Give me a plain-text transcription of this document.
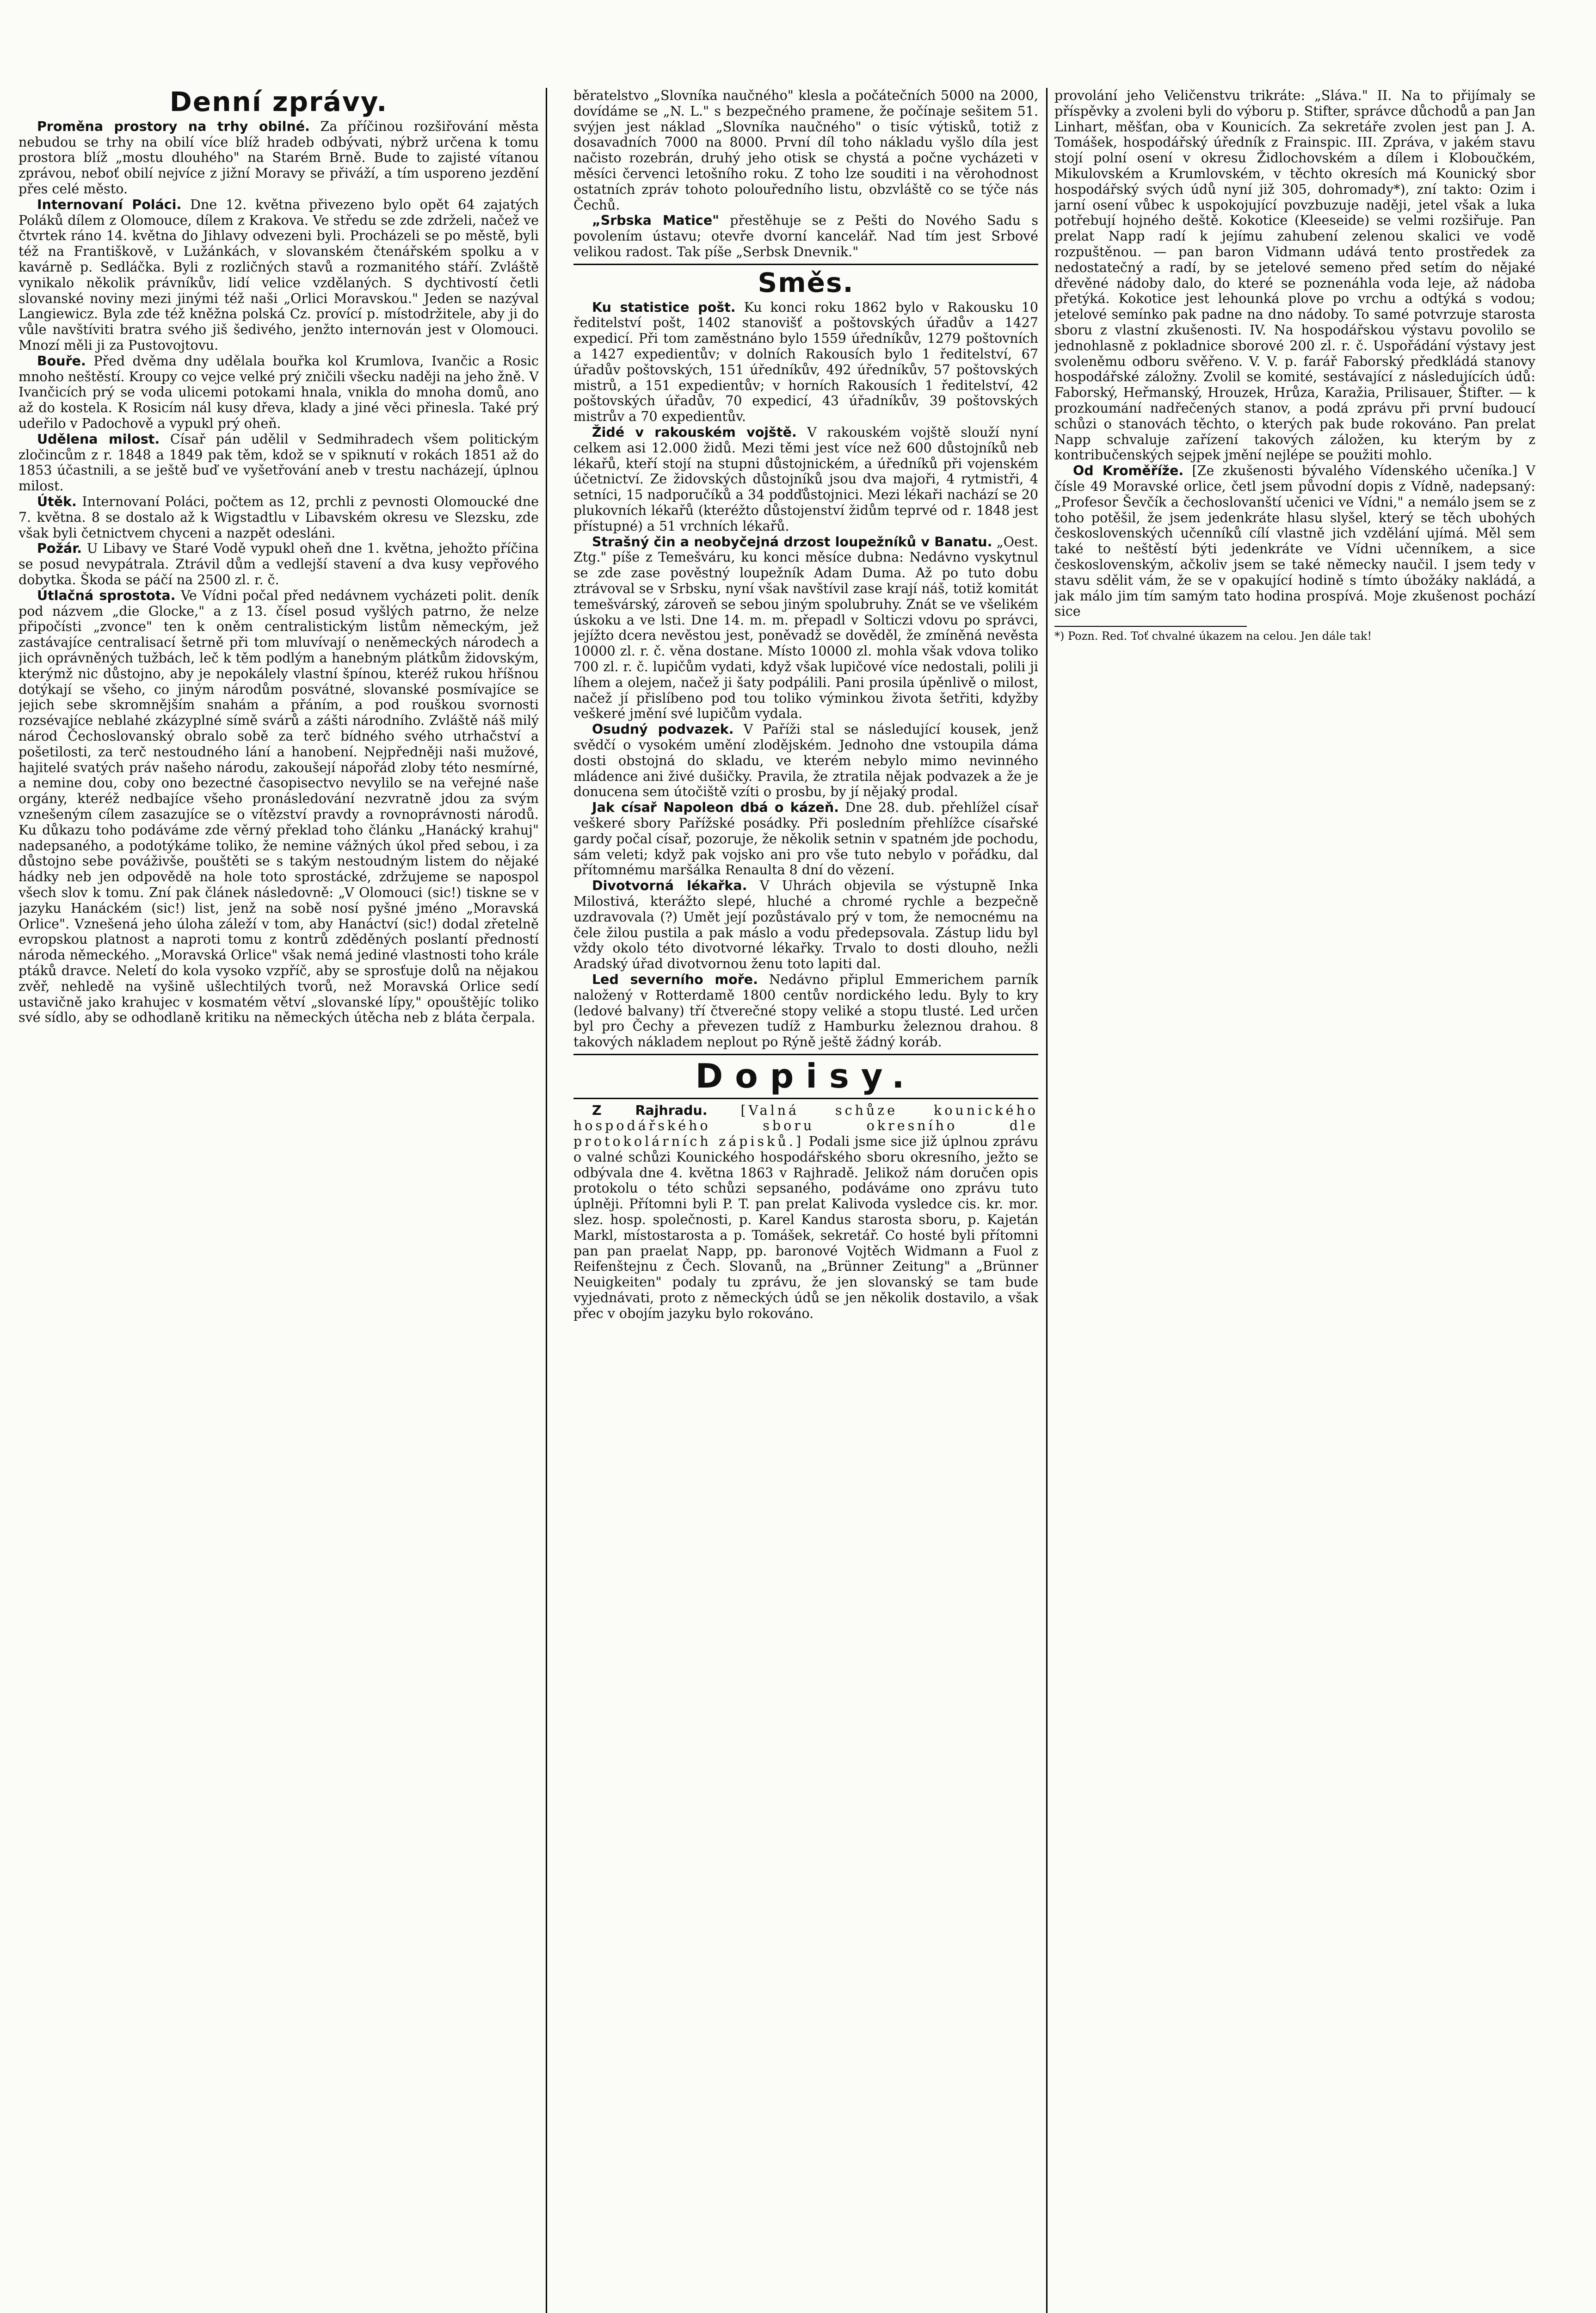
Denní zprávy.

Proměna prostory na trhy obilné. Za příčinou rozšiřování města nebudou se trhy na obilí více blíž hradeb odbývati, nýbrž určena k tomu prostora blíž „mostu dlouhého" na Starém Brně. Bude to zajisté vítanou zprávou, neboť obilí nejvíce z jižní Moravy se přiváží, a tím usporeno jezdění přes celé město.

Internovaní Poláci. Dne 12. května přivezeno bylo opět 64 zajatých Poláků dílem z Olomouce, dílem z Krakova. Ve středu se zde zdrželi, načež ve čtvrtek ráno 14. května do Jihlavy odvezeni byli. Procházeli se po městě, byli též na Františkově, v Lužánkách, v slovanském čtenářském spolku a v kavárně p. Sedláčka. Byli z rozličných stavů a rozmanitého stáří. Zvláště vynikalo několik právníkův, lidí velice vzdělaných. S dychtivostí četli slovanské noviny mezi jinými též naši „Orlici Moravskou." Jeden se nazýval Langiewicz. Byla zde též kněžna polská Cz. provící p. místodržitele, aby ji do vůle navštíviti bratra svého jiš šedivého, jenžto internován jest v Olomouci. Mnozí měli ji za Pustovojtovu.

Bouře. Před dvěma dny udělala bouřka kol Krumlova, Ivančic a Rosic mnoho neštěstí. Kroupy co vejce velké prý zničili všecku naději na jeho žně. V Ivančicích prý se voda ulicemi potokami hnala, vnikla do mnoha domů, ano až do kostela. K Rosicím nál kusy dřeva, klady a jiné věci přinesla. Také prý udeřilo v Padochově a vypukl prý oheň.

Udělena milost. Císař pán udělil v Sedmihradech všem politickým zločincům z r. 1848 a 1849 pak těm, kdož se v spiknutí v rokách 1851 až do 1853 účastnili, a se ještě buď ve vyšetřování aneb v trestu nacházejí, úplnou milost.

Útěk. Internovaní Poláci, počtem as 12, prchli z pevnosti Olomoucké dne 7. května. 8 se dostalo až k Wigstadtlu v Libavském okresu ve Slezsku, zde však byli četnictvem chyceni a nazpět odesláni.

Požár. U Libavy ve Staré Vodě vypukl oheň dne 1. května, jehožto příčina se posud nevypátrala. Ztrávil dům a vedlejší stavení a dva kusy vepřového dobytka. Škoda se páčí na 2500 zl. r. č.

Útlačná sprostota. Ve Vídni počal před nedávnem vycházeti polit. deník pod názvem „die Glocke," a z 13. čísel posud vyšlých patrno, že nelze připočísti „zvonce" ten k oněm centralistickým listům německým, jež zastávajíce centralisací šetrně při tom mluvívají o neněmeckých národech a jich oprávněných tužbách, leč k těm podlým a hanebným plátkům židovským, kterýmž nic důstojno, aby je nepokálely vlastní špínou, kteréž rukou hříšnou dotýkají se všeho, co jiným národům posvátné, slovanské posmívajíce se jejich sebe skromnějším snahám a přáním, a pod rouškou svornosti rozsévajíce neblahé zkázyplné símě svárů a zášti národního. Zvláště náš milý národ Čechoslovanský obralo sobě za terč bídného svého utrhačství a pošetilosti, za terč nestoudného lání a hanobení. Nejpředněji naši mužové, hajitelé svatých práv našeho národu, zakoušejí nápořád zloby této nesmírné, a nemine dou, coby ono bezectné časopisectvo nevylilo se na veřejné naše orgány, kteréž nedbajíce všeho pronásledování nezvratně jdou za svým vznešeným cílem zasazujíce se o vítězství pravdy a rovnoprávnosti národů. Ku důkazu toho podáváme zde věrný překlad toho článku „Hanácký krahuj" nadepsaného, a podotýkáme toliko, že nemine vážných úkol před sebou, i za důstojno sebe pováživše, pouštěti se s takým nestoudným listem do nějaké hádky neb jen odpovědě na hole toto sprostácké, zdržujeme se napospol všech slov k tomu. Zní pak článek následovně: „V Olomouci (sic!) tiskne se v jazyku Hanáckém (sic!) list, jenž na sobě nosí pyšné jméno „Moravská Orlice". Vznešená jeho úloha záleží v tom, aby Hanáctví (sic!) dodal zřetelně evropskou platnost a naproti tomu z kontrů zděděných poslantí předností národa německého. „Moravská Orlice" však nemá jediné vlastnosti toho krále ptáků dravce. Neletí do kola vysoko vzpříč, aby se sprosťuje dolů na nějakou zvěř, nehledě na vyšině ušlechtilých tvorů, než Moravská Orlice sedí ustavičně jako krahujec v kosmatém větví „slovanské lípy," opouštějíc toliko své sídlo, aby se odhodlaně kritiku na německých útěcha neb z bláta čerpala.

běratelstvo „Slovníka naučného" klesla a počátečních 5000 na 2000, dovídáme se „N. L." s bezpečného pramene, že počínaje sešitem 51. svýjen jest náklad „Slovníka naučného" o tisíc výtisků, totiž z dosavadních 7000 na 8000. První díl toho nákladu vyšlo díla jest načisto rozebrán, druhý jeho otisk se chystá a počne vycházeti v měsíci červenci letošního roku. Z toho lze souditi i na věrohodnost ostatních zpráv tohoto polouředního listu, obzvláště co se týče nás Čechů.

„Srbska Matice" přestěhuje se z Pešti do Nového Sadu s povolením ústavu; otevře dvorní kancelář. Nad tím jest Srbové velikou radost. Tak píše „Serbsk Dnevnik."

Směs.

Ku statistice pošt. Ku konci roku 1862 bylo v Rakousku 10 ředitelství pošt, 1402 stanovišť a poštovských úřadův a 1427 expedicí. Při tom zaměstnáno bylo 1559 úředníkův, 1279 poštovních a 1427 expedientův; v dolních Rakousích bylo 1 ředitelství, 67 úřadův poštovských, 151 úředníkův, 492 úředníkův, 57 poštovských mistrů, a 151 expedientův; v horních Rakousích 1 ředitelství, 42 poštovských úřadův, 70 expedicí, 43 úřadníkův, 39 poštovských mistrův a 70 expedientův.

Židé v rakouském vojště. V rakouském vojště slouží nyní celkem asi 12.000 židů. Mezi těmi jest více než 600 důstojníků neb lékařů, kteří stojí na stupni důstojnickém, a úředníků při vojenském účetnictví. Ze židovských důstojníků jsou dva majoři, 4 rytmistři, 4 setníci, 15 nadporučíků a 34 podďůstojnici. Mezi lékaři nachází se 20 plukovních lékařů (kteréžto důstojenství židům teprvé od r. 1848 jest přístupné) a 51 vrchních lékařů.

Strašný čin a neobyčejná drzost loupežníků v Banatu. „Oest. Ztg." píše z Temešváru, ku konci měsíce dubna: Nedávno vyskytnul se zde zase pověstný loupežník Adam Duma. Až po tuto dobu ztrávoval se v Srbsku, nyní však navštívil zase krají náš, totiž komitát temešvárský, zároveň se sebou jiným spolubruhy. Znát se ve všelikém úskoku a ve lsti. Dne 14. m. m. přepadl v Solticzi vdovu po správci, jejížto dcera nevěstou jest, poněvadž se dověděl, že zmíněná nevěsta 10000 zl. r. č. věna dostane. Místo 10000 zl. mohla však vdova toliko 700 zl. r. č. lupičům vydati, když však lupičové více nedostali, polili ji líhem a olejem, načež ji šaty podpálili. Pani prosila úpěnlivě o milost, načež jí přislíbeno pod tou toliko výminkou života šetřiti, kdyžby veškeré jmění své lupičům vydala.

Osudný podvazek. V Paříži stal se následující kousek, jenž svědčí o vysokém umění zlodějském. Jednoho dne vstoupila dáma dosti obstojná do skladu, ve kterém nebylo mimo nevinného mládence ani živé dušičky. Pravila, že ztratila nějak podvazek a že je donucena sem útočiště vzíti o prosbu, by jí nějaký prodal.

Jak císař Napoleon dbá o kázeň. Dne 28. dub. přehlížel císař veškeré sbory Pařížské posádky. Při posledním přehlížce císařské gardy počal císař, pozoruje, že několik setnin v spatném jde pochodu, sám veleti; když pak vojsko ani pro vše tuto nebylo v pořádku, dal přítomnému maršálka Renaulta 8 dní do vězení.

Divotvorná lékařka. V Uhrách objevila se výstupně Inka Milostivá, kterážto slepé, hluché a chromé rychle a bezpečně uzdravovala (?) Umět její pozůstávalo prý v tom, že nemocnému na čele žilou pustila a pak máslo a vodu předepsovala. Zástup lidu byl vždy okolo této divotvorné lékařky. Trvalo to dosti dlouho, nežli Aradský úřad divotvornou ženu toto lapiti dal.

Led severního moře. Nedávno připlul Emmerichem parník naložený v Rotterdamě 1800 centův nordického ledu. Byly to kry (ledové balvany) tří čtverečné stopy veliké a stopu tlusté. Led určen byl pro Čechy a převezen tudíž z Hamburku železnou drahou. 8 takových nákladem neplout po Rýně ještě žádný koráb.

Dopisy.

Z Rajhradu.	[Valná schůze kounického hospodářského sboru okresního dle protokolárních zápisků.] Podali jsme sice již úplnou zprávu o valné schůzi Kounického hospodářského sboru okresního, ježto se odbývala dne 4. května 1863 v Rajhradě. Jelikož nám doručen opis protokolu o této schůzi sepsaného, podáváme ono zprávu tuto úplněji. Přítomni byli P. T. pan prelat Kalivoda vysledce cis. kr. mor. slez. hosp. společnosti, p. Karel Kandus starosta sboru, p. Kajetán Markl, místostarosta a p. Tomášek, sekretář. Co hosté byli přítomni pan pan praelat Napp, pp. baronové Vojtěch Widmann a Fuol z Reifenštejnu z Čech. Slovanů, na „Brünner Zeitung" a „Brünner Neuigkeiten" podaly tu zprávu, že jen slovanský se tam bude vyjednávati, proto z německých údů se jen několik dostavilo, a však přec v obojím jazyku bylo rokováno.

provolání jeho Veličenstvu trikráte: „Sláva." II. Na to přijímaly se příspěvky a zvoleni byli do výboru p. Stifter, správce důchodů a pan Jan Linhart, měšťan, oba v Kounicích. Za sekretáře zvolen jest pan J. A. Tomášek, hospodářský úředník z Frainspic. III. Zpráva, v jakém stavu stojí polní osení v okresu Židlochovském a dílem i Kloboučkém, Mikulovském a Krumlovském, v těchto okresích má Kounický sbor hospodářský svých údů nyní již 305, dohromady*), zní takto: Ozim i jarní osení vůbec k uspokojující povzbuzuje naději, jetel však a luka potřebují hojného deště. Kokotice (Kleeseide) se velmi rozšiřuje. Pan prelat Napp radí k jejímu zahubení zelenou skalici ve vodě rozpuštěnou. — pan baron Vidmann udává tento prostředek za nedostatečný a radí, by se jetelové semeno před setím do nějaké dřevěné nádoby dalo, do které se poznenáhla voda leje, až nádoba přetýká. Kokotice jest lehounká plove po vrchu a odtýká s vodou; jetelové semínko pak padne na dno nádoby. To samé potvrzuje starosta sboru z vlastní zkušenosti. IV. Na hospodářskou výstavu povolilo se jednohlasně z pokladnice sborové 200 zl. r. č. Uspořádání výstavy jest svoleněmu odboru svěřeno. V. V. p. farář Faborský předkládá stanovy hospodářské záložny. Zvolil se komité, sestávající z následujících údů: Faborský, Heřmanský, Hrouzek, Hrůza, Karažia, Prilisauer, Štifter. — k prozkoumání nadřečených stanov, a podá zprávu při první budoucí schůzi o stanovách těchto, o kterých pak bude rokováno. Pan prelat Napp schvaluje zařízení takových záložen, ku kterým by z kontribučenských sejpek jmění nejlépe se použiti mohlo.

Od Kroměříže. [Ze zkušenosti bývalého Vídenského učeníka.] V čísle 49 Moravské orlice, četl jsem původní dopis z Vídně, nadepsaný: „Profesor Ševčík a čechoslovanští učenici ve Vídni," a nemálo jsem se z toho potěšil, že jsem jedenkráte hlasu slyšel, který se těch ubohých československých učenníků cílí vlastně jich vzdělání ujímá. Měl sem také to neštěstí býti jedenkráte ve Vídni učenníkem, a sice československým, ačkoliv jsem se také německy naučil. I jsem tedy v stavu sdělit vám, že se v opakující hodině s tímto úbožáky nakládá, a jak málo jim tím samým tato hodina prospívá. Moje zkušenost pochází sice

*) Pozn. Red. Toť chvalné úkazem na celou. Jen dále tak!
